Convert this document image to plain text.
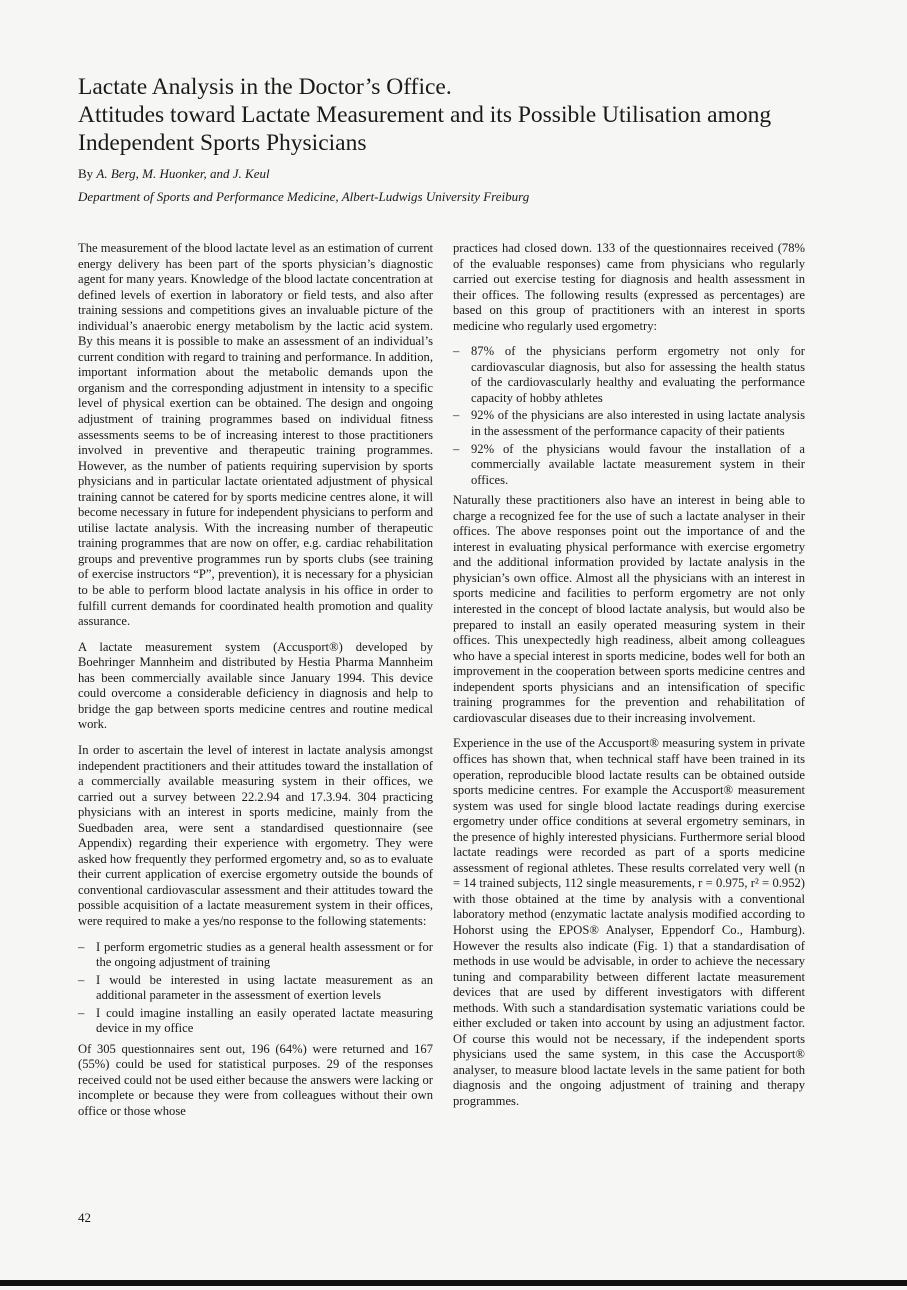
Lactate Analysis in the Doctor’s Office.
Attitudes toward Lactate Measurement and its Possible Utilisation among
Independent Sports Physicians
By A. Berg, M. Huonker, and J. Keul
Department of Sports and Performance Medicine, Albert-Ludwigs University Freiburg

The measurement of the blood lactate level as an estimation of current energy delivery has been part of the sports physician’s diagnostic agent for many years. Knowledge of the blood lactate concentration at defined levels of exertion in laboratory or field tests, and also after training sessions and competitions gives an invaluable picture of the individual’s anaerobic energy metabolism by the lactic acid system. By this means it is possible to make an assessment of an individual’s current condition with regard to training and performance. In addition, important information about the metabolic demands upon the organism and the corresponding adjustment in intensity to a specific level of physical exertion can be obtained. The design and ongoing adjustment of training programmes based on individual fitness assessments seems to be of increasing interest to those practitioners involved in preventive and therapeutic training programmes. However, as the number of patients requiring supervision by sports physicians and in particular lactate orientated adjustment of physical training cannot be catered for by sports medicine centres alone, it will become necessary in future for independent physicians to perform and utilise lactate analysis. With the increasing number of therapeutic training programmes that are now on offer, e.g. cardiac rehabilitation groups and preventive programmes run by sports clubs (see training of exercise instructors “P”, prevention), it is necessary for a physician to be able to perform blood lactate analysis in his office in order to fulfill current demands for coordinated health promotion and quality assurance.

A lactate measurement system (Accusport®) developed by Boehringer Mannheim and distributed by Hestia Pharma Mannheim has been commercially available since January 1994. This device could overcome a considerable deficiency in diagnosis and help to bridge the gap between sports medicine centres and routine medical work.

In order to ascertain the level of interest in lactate analysis amongst independent practitioners and their attitudes toward the installation of a commercially available measuring system in their offices, we carried out a survey between 22.2.94 and 17.3.94. 304 practicing physicians with an interest in sports medicine, mainly from the Suedbaden area, were sent a standardised questionnaire (see Appendix) regarding their experience with ergometry. They were asked how frequently they performed ergometry and, so as to evaluate their current application of exercise ergometry outside the bounds of conventional cardiovascular assessment and their attitudes toward the possible acquisition of a lactate measurement system in their offices, were required to make a yes/no response to the following statements:

– I perform ergometric studies as a general health assessment or for the ongoing adjustment of training
– I would be interested in using lactate measurement as an additional parameter in the assessment of exertion levels
– I could imagine installing an easily operated lactate measuring device in my office

Of 305 questionnaires sent out, 196 (64%) were returned and 167 (55%) could be used for statistical purposes. 29 of the responses received could not be used either because the answers were lacking or incomplete or because they were from colleagues without their own office or those whose

practices had closed down. 133 of the questionnaires received (78% of the evaluable responses) came from physicians who regularly carried out exercise testing for diagnosis and health assessment in their offices. The following results (expressed as percentages) are based on this group of practitioners with an interest in sports medicine who regularly used ergometry:

– 87% of the physicians perform ergometry not only for cardiovascular diagnosis, but also for assessing the health status of the cardiovascularly healthy and evaluating the performance capacity of hobby athletes
– 92% of the physicians are also interested in using lactate analysis in the assessment of the performance capacity of their patients
– 92% of the physicians would favour the installation of a commercially available lactate measurement system in their offices.

Naturally these practitioners also have an interest in being able to charge a recognized fee for the use of such a lactate analyser in their offices. The above responses point out the importance of and the interest in evaluating physical performance with exercise ergometry and the additional information provided by lactate analysis in the physician’s own office. Almost all the physicians with an interest in sports medicine and facilities to perform ergometry are not only interested in the concept of blood lactate analysis, but would also be prepared to install an easily operated measuring system in their offices. This unexpectedly high readiness, albeit among colleagues who have a special interest in sports medicine, bodes well for both an improvement in the cooperation between sports medicine centres and independent sports physicians and an intensification of specific training programmes for the prevention and rehabilitation of cardiovascular diseases due to their increasing involvement.

Experience in the use of the Accusport® measuring system in private offices has shown that, when technical staff have been trained in its operation, reproducible blood lactate results can be obtained outside sports medicine centres. For example the Accusport® measurement system was used for single blood lactate readings during exercise ergometry under office conditions at several ergometry seminars, in the presence of highly interested physicians. Furthermore serial blood lactate readings were recorded as part of a sports medicine assessment of regional athletes. These results correlated very well (n = 14 trained subjects, 112 single measurements, r = 0.975, r² = 0.952) with those obtained at the time by analysis with a conventional laboratory method (enzymatic lactate analysis modified according to Hohorst using the EPOS® Analyser, Eppendorf Co., Hamburg). However the results also indicate (Fig. 1) that a standardisation of methods in use would be advisable, in order to achieve the necessary tuning and comparability between different lactate measurement devices that are used by different investigators with different methods. With such a standardisation systematic variations could be either excluded or taken into account by using an adjustment factor. Of course this would not be necessary, if the independent sports physicians used the same system, in this case the Accusport® analyser, to measure blood lactate levels in the same patient for both diagnosis and the ongoing adjustment of training and therapy programmes.

42
